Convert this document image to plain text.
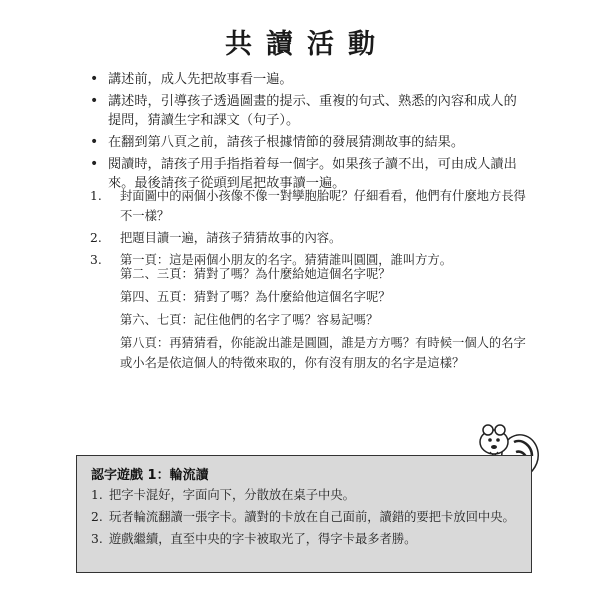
共讀活動
• 講述前，成人先把故事看一遍。
• 講述時，引導孩子透過圖畫的提示、重複的句式、熟悉的內容和成人的提問，猜讀生字和課文（句子）。
• 在翻到第八頁之前，請孩子根據情節的發展猜測故事的結果。
• 閱讀時，請孩子用手指指着每一個字。如果孩子讀不出，可由成人讀出來。最後請孩子從頭到尾把故事讀一遍。
1. 封面圖中的兩個小孩像不像一對孿胞胎呢？仔細看看，他們有什麼地方長得不一樣？
2. 把題目讀一遍，請孩子猜猜故事的內容。
3. 第一頁：這是兩個小朋友的名字。猜猜誰叫圓圓，誰叫方方。
第二、三頁：猜對了嗎？為什麼給她這個名字呢？
第四、五頁：猜對了嗎？為什麼給他這個名字呢？
第六、七頁：記住他們的名字了嗎？容易記嗎？
第八頁：再猜猜看，你能說出誰是圓圓，誰是方方嗎？有時候一個人的名字或小名是依這個人的特徵來取的，你有沒有朋友的名字是這樣？
認字遊戲 1：輪流讀
1. 把字卡混好，字面向下，分散放在桌子中央。
2. 玩者輪流翻讀一張字卡。讀對的卡放在自己面前，讀錯的要把卡放回中央。
3. 遊戲繼續，直至中央的字卡被取光了，得字卡最多者勝。
